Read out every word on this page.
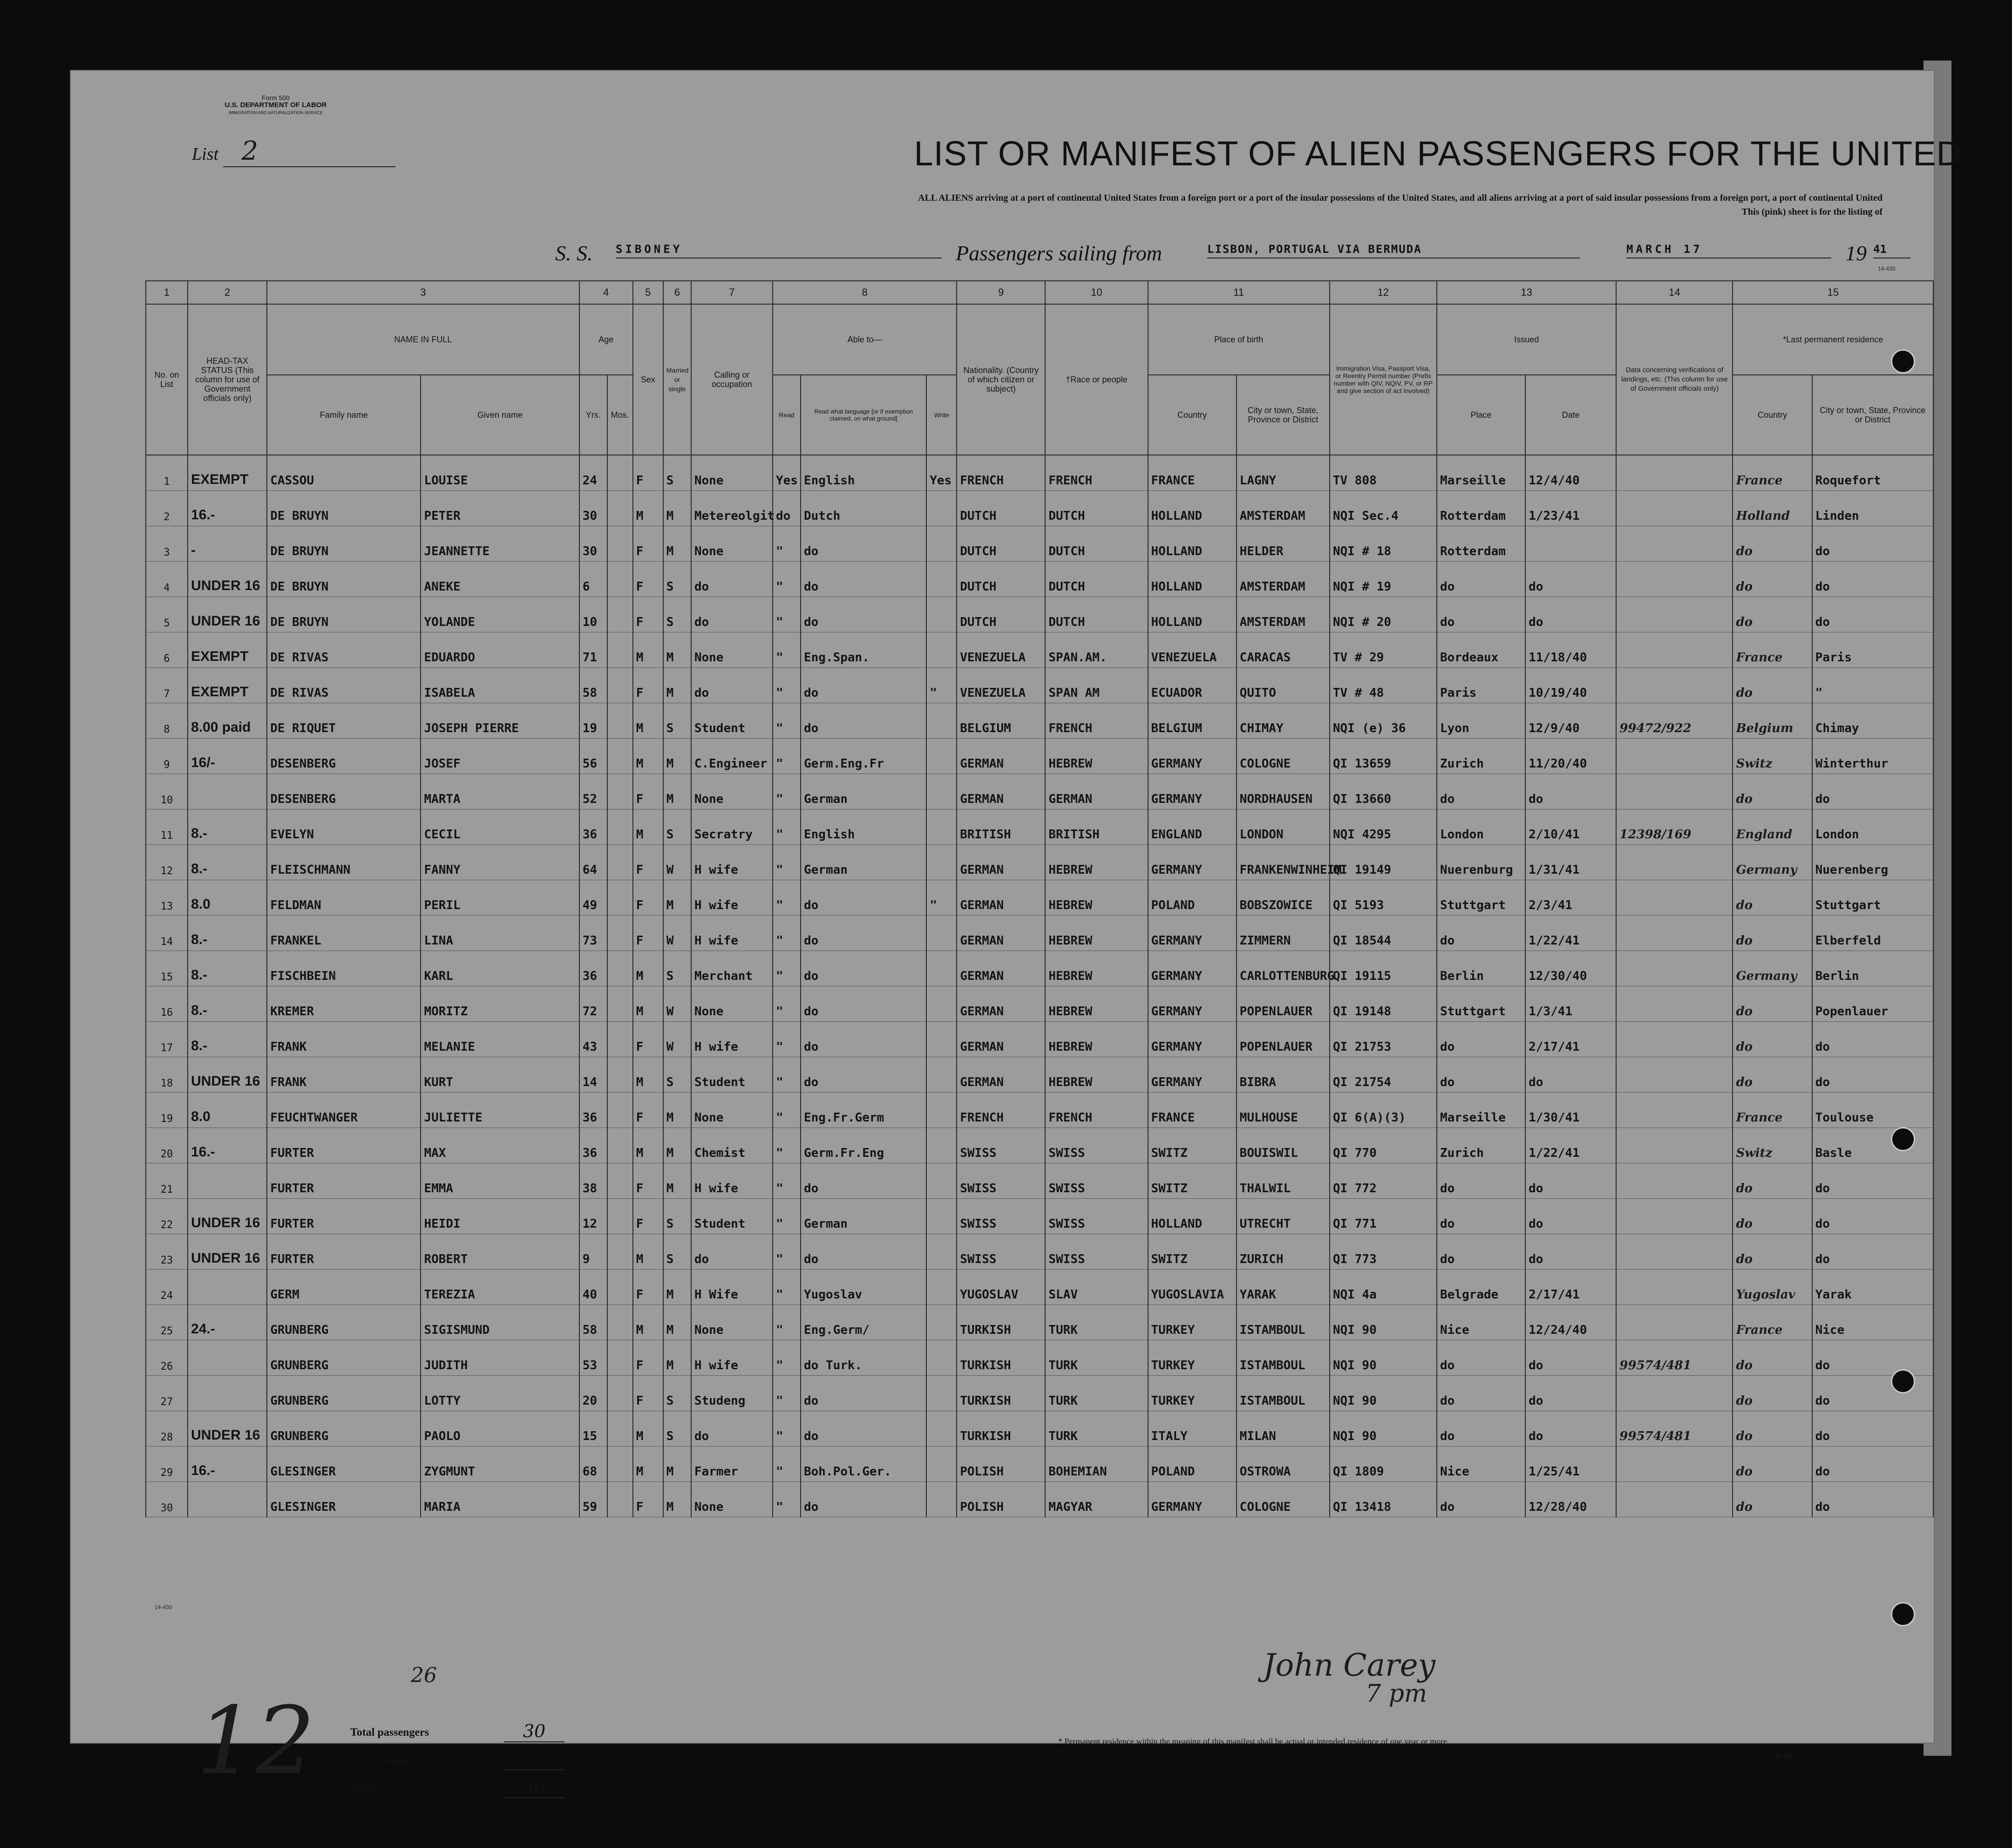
Form 500
U.S. DEPARTMENT OF LABOR
IMMIGRATION AND NATURALIZATION SERVICE
List 2	LIST OR MANIFEST OF ALIEN PASSENGERS FOR THE UNITED
ALL ALIENS arriving at a port of continental United States from a foreign port or a port of the insular possessions of the United States, and all aliens arriving at a port of said insular possessions from a foreign port, a port of continental United
This (pink) sheet is for the listing of
S. S. SIBONEY	Passengers sailing from	LISBON, PORTUGAL VIA BERMUDA	MARCH 17	19 41
1	2	3		4		5	6	7	8			9	10	11		12	13		14	15	
No. on List	HEAD-TAX STATUS (This column for use of Government officials only)	NAME IN FULL		Age		Sex	Married or single	Calling or occupation	Able to—			Nationality. (Country of which citizen or subject)	†Race or people	Place of birth		Immigration Visa, Passport Visa, or Reentry Permit number (Prefix number with QIV, NQIV, PV, or RP and give section of act involved)	Issued		Data concerning verifications of landings, etc. (This column for use of Government officials only)	*Last permanent residence	
		Family name	Given name	Yrs.	Mos.				Read	Read what language [or if exemption claimed, on what ground]	Write			Country	City or town, State, Province or District		Place	Date		Country	City or town, State, Province or District
1	EXEMPT	CASSOU	LOUISE	24		F	S	None	Yes	English	Yes	FRENCH	FRENCH	FRANCE	LAGNY	TV 808	Marseille	12/4/40		France	Roquefort
2	16.-	DE BRUYN	PETER	30		M	M	Metereolgit	do	Dutch		DUTCH	DUTCH	HOLLAND	AMSTERDAM	NQI Sec.4	Rotterdam	1/23/41		Holland	Linden
3	-	DE BRUYN	JEANNETTE	30		F	M	None	"	do		DUTCH	DUTCH	HOLLAND	HELDER	NQI # 18	Rotterdam			do	do
4	UNDER 16	DE BRUYN	ANEKE	6		F	S	do	"	do		DUTCH	DUTCH	HOLLAND	AMSTERDAM	NQI # 19	do	do		do	do
5	UNDER 16	DE BRUYN	YOLANDE	10		F	S	do	"	do		DUTCH	DUTCH	HOLLAND	AMSTERDAM	NQI # 20	do	do		do	do
6	EXEMPT	DE RIVAS	EDUARDO	71		M	M	None	"	Eng.Span.		VENEZUELA	SPAN.AM.	VENEZUELA	CARACAS	TV # 29	Bordeaux	11/18/40		France	Paris
7	EXEMPT	DE RIVAS	ISABELA	58		F	M	do	"	do	"	VENEZUELA	SPAN AM	ECUADOR	QUITO	TV # 48	Paris	10/19/40		do	"
8	8.00 paid	DE RIQUET	JOSEPH PIERRE	19		M	S	Student	"	do		BELGIUM	FRENCH	BELGIUM	CHIMAY	NQI (e) 36	Lyon	12/9/40	99472/922	Belgium	Chimay
9	16/-	DESENBERG	JOSEF	56		M	M	C.Engineer	"	Germ.Eng.Fr		GERMAN	HEBREW	GERMANY	COLOGNE	QI 13659	Zurich	11/20/40		Switz	Winterthur
10		DESENBERG	MARTA	52		F	M	None	"	German		GERMAN	GERMAN	GERMANY	NORDHAUSEN	QI 13660	do	do		do	do
11	8.-	EVELYN	CECIL	36		M	S	Secratry	"	English		BRITISH	BRITISH	ENGLAND	LONDON	NQI 4295	London	2/10/41	12398/169	England	London
12	8.-	FLEISCHMANN	FANNY	64		F	W	H wife	"	German		GERMAN	HEBREW	GERMANY	FRANKENWINHEIM	QI 19149	Nuerenburg	1/31/41		Germany	Nuerenberg
13	8.0	FELDMAN	PERIL	49		F	M	H wife	"	do	"	GERMAN	HEBREW	POLAND	BOBSZOWICE	QI 5193	Stuttgart	2/3/41		do	Stuttgart
14	8.-	FRANKEL	LINA	73		F	W	H wife	"	do		GERMAN	HEBREW	GERMANY	ZIMMERN	QI 18544	do	1/22/41		do	Elberfeld
15	8.-	FISCHBEIN	KARL	36		M	S	Merchant	"	do		GERMAN	HEBREW	GERMANY	CARLOTTENBURG	QI 19115	Berlin	12/30/40		Germany	Berlin
16	8.-	KREMER	MORITZ	72		M	W	None	"	do		GERMAN	HEBREW	GERMANY	POPENLAUER	QI 19148	Stuttgart	1/3/41		do	Popenlauer
17	8.-	FRANK	MELANIE	43		F	W	H wife	"	do		GERMAN	HEBREW	GERMANY	POPENLAUER	QI 21753	do	2/17/41		do	do
18	UNDER 16	FRANK	KURT	14		M	S	Student	"	do		GERMAN	HEBREW	GERMANY	BIBRA	QI 21754	do	do		do	do
19	8.0	FEUCHTWANGER	JULIETTE	36		F	M	None	"	Eng.Fr.Germ		FRENCH	FRENCH	FRANCE	MULHOUSE	QI 6(A)(3)	Marseille	1/30/41		France	Toulouse
20	16.-	FURTER	MAX	36		M	M	Chemist	"	Germ.Fr.Eng		SWISS	SWISS	SWITZ	BOUISWIL	QI 770	Zurich	1/22/41		Switz	Basle
21		FURTER	EMMA	38		F	M	H wife	"	do		SWISS	SWISS	SWITZ	THALWIL	QI 772	do	do		do	do
22	UNDER 16	FURTER	HEIDI	12		F	S	Student	"	German		SWISS	SWISS	HOLLAND	UTRECHT	QI 771	do	do		do	do
23	UNDER 16	FURTER	ROBERT	9		M	S	do	"	do		SWISS	SWISS	SWITZ	ZURICH	QI 773	do	do		do	do
24		GERM	TEREZIA	40		F	M	H Wife	"	Yugoslav		YUGOSLAV	SLAV	YUGOSLAVIA	YARAK	NQI 4a	Belgrade	2/17/41		Yugoslav	Yarak
25	24.-	GRUNBERG	SIGISMUND	58		M	M	None	"	Eng.Germ/		TURKISH	TURK	TURKEY	ISTAMBOUL	NQI 90	Nice	12/24/40		France	Nice
26		GRUNBERG	JUDITH	53		F	M	H wife	"	do Turk.		TURKISH	TURK	TURKEY	ISTAMBOUL	NQI 90	do	do	99574/481	do	do
27		GRUNBERG	LOTTY	20		F	S	Studeng	"	do		TURKISH	TURK	TURKEY	ISTAMBOUL	NQI 90	do	do		do	do
28	UNDER 16	GRUNBERG	PAOLO	15		M	S	do	"	do		TURKISH	TURK	ITALY	MILAN	NQI 90	do	do	99574/481	do	do
29	16.-	GLESINGER	ZYGMUNT	68		M	M	Farmer	"	Boh.Pol.Ger.		POLISH	BOHEMIAN	POLAND	OSTROWA	QI 1809	Nice	1/25/41		do	do
30		GLESINGER	MARIA	59		F	M	None	"	do		POLISH	MAGYAR	GERMANY	COLOGNE	QI 13418	do	12/28/40		do	do
12
26	John Carey
7 pm
Total passengers	30
U. S. citizens	-
Aliens	30
* Permanent residence within the meaning of this manifest shall be actual or intended residence of one year or more.
† List of races will be found on the back of this sheet.
14-430
14-430
14-430
